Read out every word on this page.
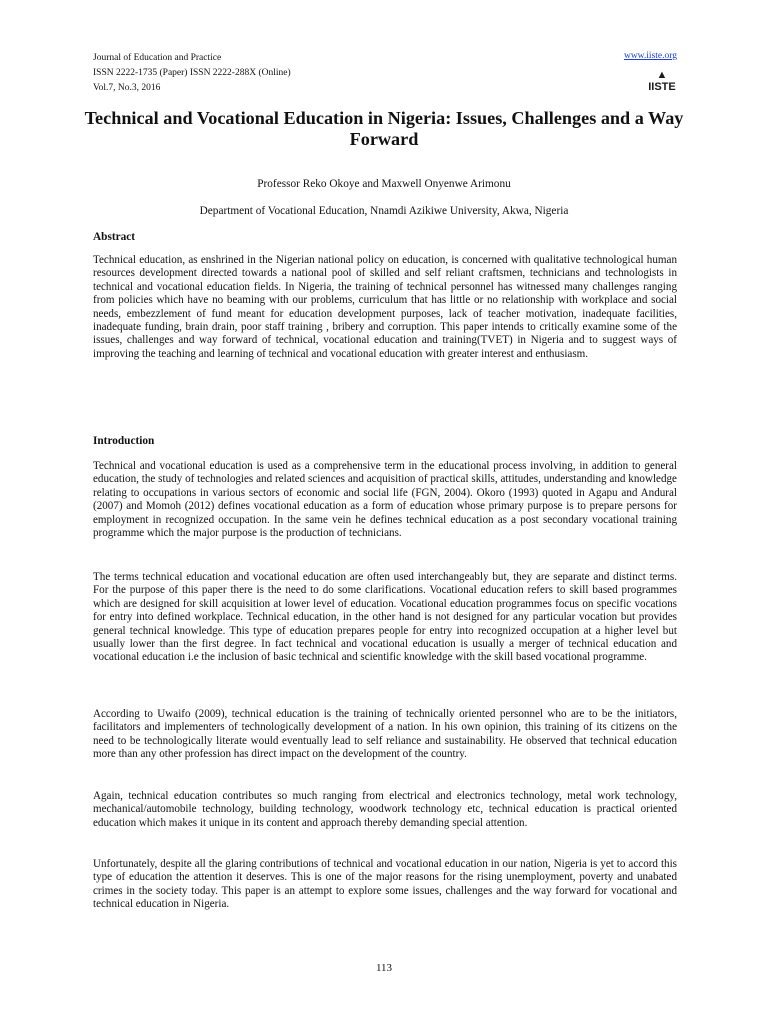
Journal of Education and Practice
ISSN 2222-1735 (Paper) ISSN 2222-288X (Online)
Vol.7, No.3, 2016
www.iiste.org
▲
IISTE
Technical and Vocational Education in Nigeria: Issues, Challenges and a Way Forward
Professor Reko Okoye and Maxwell Onyenwe Arimonu
Department of Vocational Education, Nnamdi Azikiwe University, Akwa, Nigeria
Abstract

Technical education, as enshrined in the Nigerian national policy on education, is concerned with qualitative technological human resources development directed towards a national pool of skilled and self reliant craftsmen, technicians and technologists in technical and vocational education fields. In Nigeria, the training of technical personnel has witnessed many challenges ranging from policies which have no beaming with our problems, curriculum that has little or no relationship with workplace and social needs, embezzlement of fund meant for education development purposes, lack of teacher motivation, inadequate facilities, inadequate funding, brain drain, poor staff training , bribery and corruption. This paper intends to critically examine some of the issues, challenges and way forward of technical, vocational education and training(TVET) in Nigeria and to suggest ways of improving the teaching and learning of technical and vocational education with greater interest and enthusiasm.

Introduction

Technical and vocational education is used as a comprehensive term in the educational process involving, in addition to general education, the study of technologies and related sciences and acquisition of practical skills, attitudes, understanding and knowledge relating to occupations in various sectors of economic and social life (FGN, 2004). Okoro (1993) quoted in Agapu and Andural (2007) and Momoh (2012) defines vocational education as a form of education whose primary purpose is to prepare persons for employment in recognized occupation. In the same vein he defines technical education as a post secondary vocational training programme which the major purpose is the production of technicians.

The terms technical education and vocational education are often used interchangeably but, they are separate and distinct terms. For the purpose of this paper there is the need to do some clarifications. Vocational education refers to skill based programmes which are designed for skill acquisition at lower level of education. Vocational education programmes focus on specific vocations for entry into defined workplace. Technical education, in the other hand is not designed for any particular vocation but provides general technical knowledge. This type of education prepares people for entry into recognized occupation at a higher level but usually lower than the first degree. In fact technical and vocational education is usually a merger of technical education and vocational education i.e the inclusion of basic technical and scientific knowledge with the skill based vocational programme.

According to Uwaifo (2009), technical education is the training of technically oriented personnel who are to be the initiators, facilitators and implementers of technologically development of a nation. In his own opinion, this training of its citizens on the need to be technologically literate would eventually lead to self reliance and sustainability. He observed that technical education more than any other profession has direct impact on the development of the country.

Again, technical education contributes so much ranging from electrical and electronics technology, metal work technology, mechanical/automobile technology, building technology, woodwork technology etc, technical education is practical oriented education which makes it unique in its content and approach thereby demanding special attention.

Unfortunately, despite all the glaring contributions of technical and vocational education in our nation, Nigeria is yet to accord this type of education the attention it deserves. This is one of the major reasons for the rising unemployment, poverty and unabated crimes in the society today. This paper is an attempt to explore some issues, challenges and the way forward for vocational and technical education in Nigeria.

113
